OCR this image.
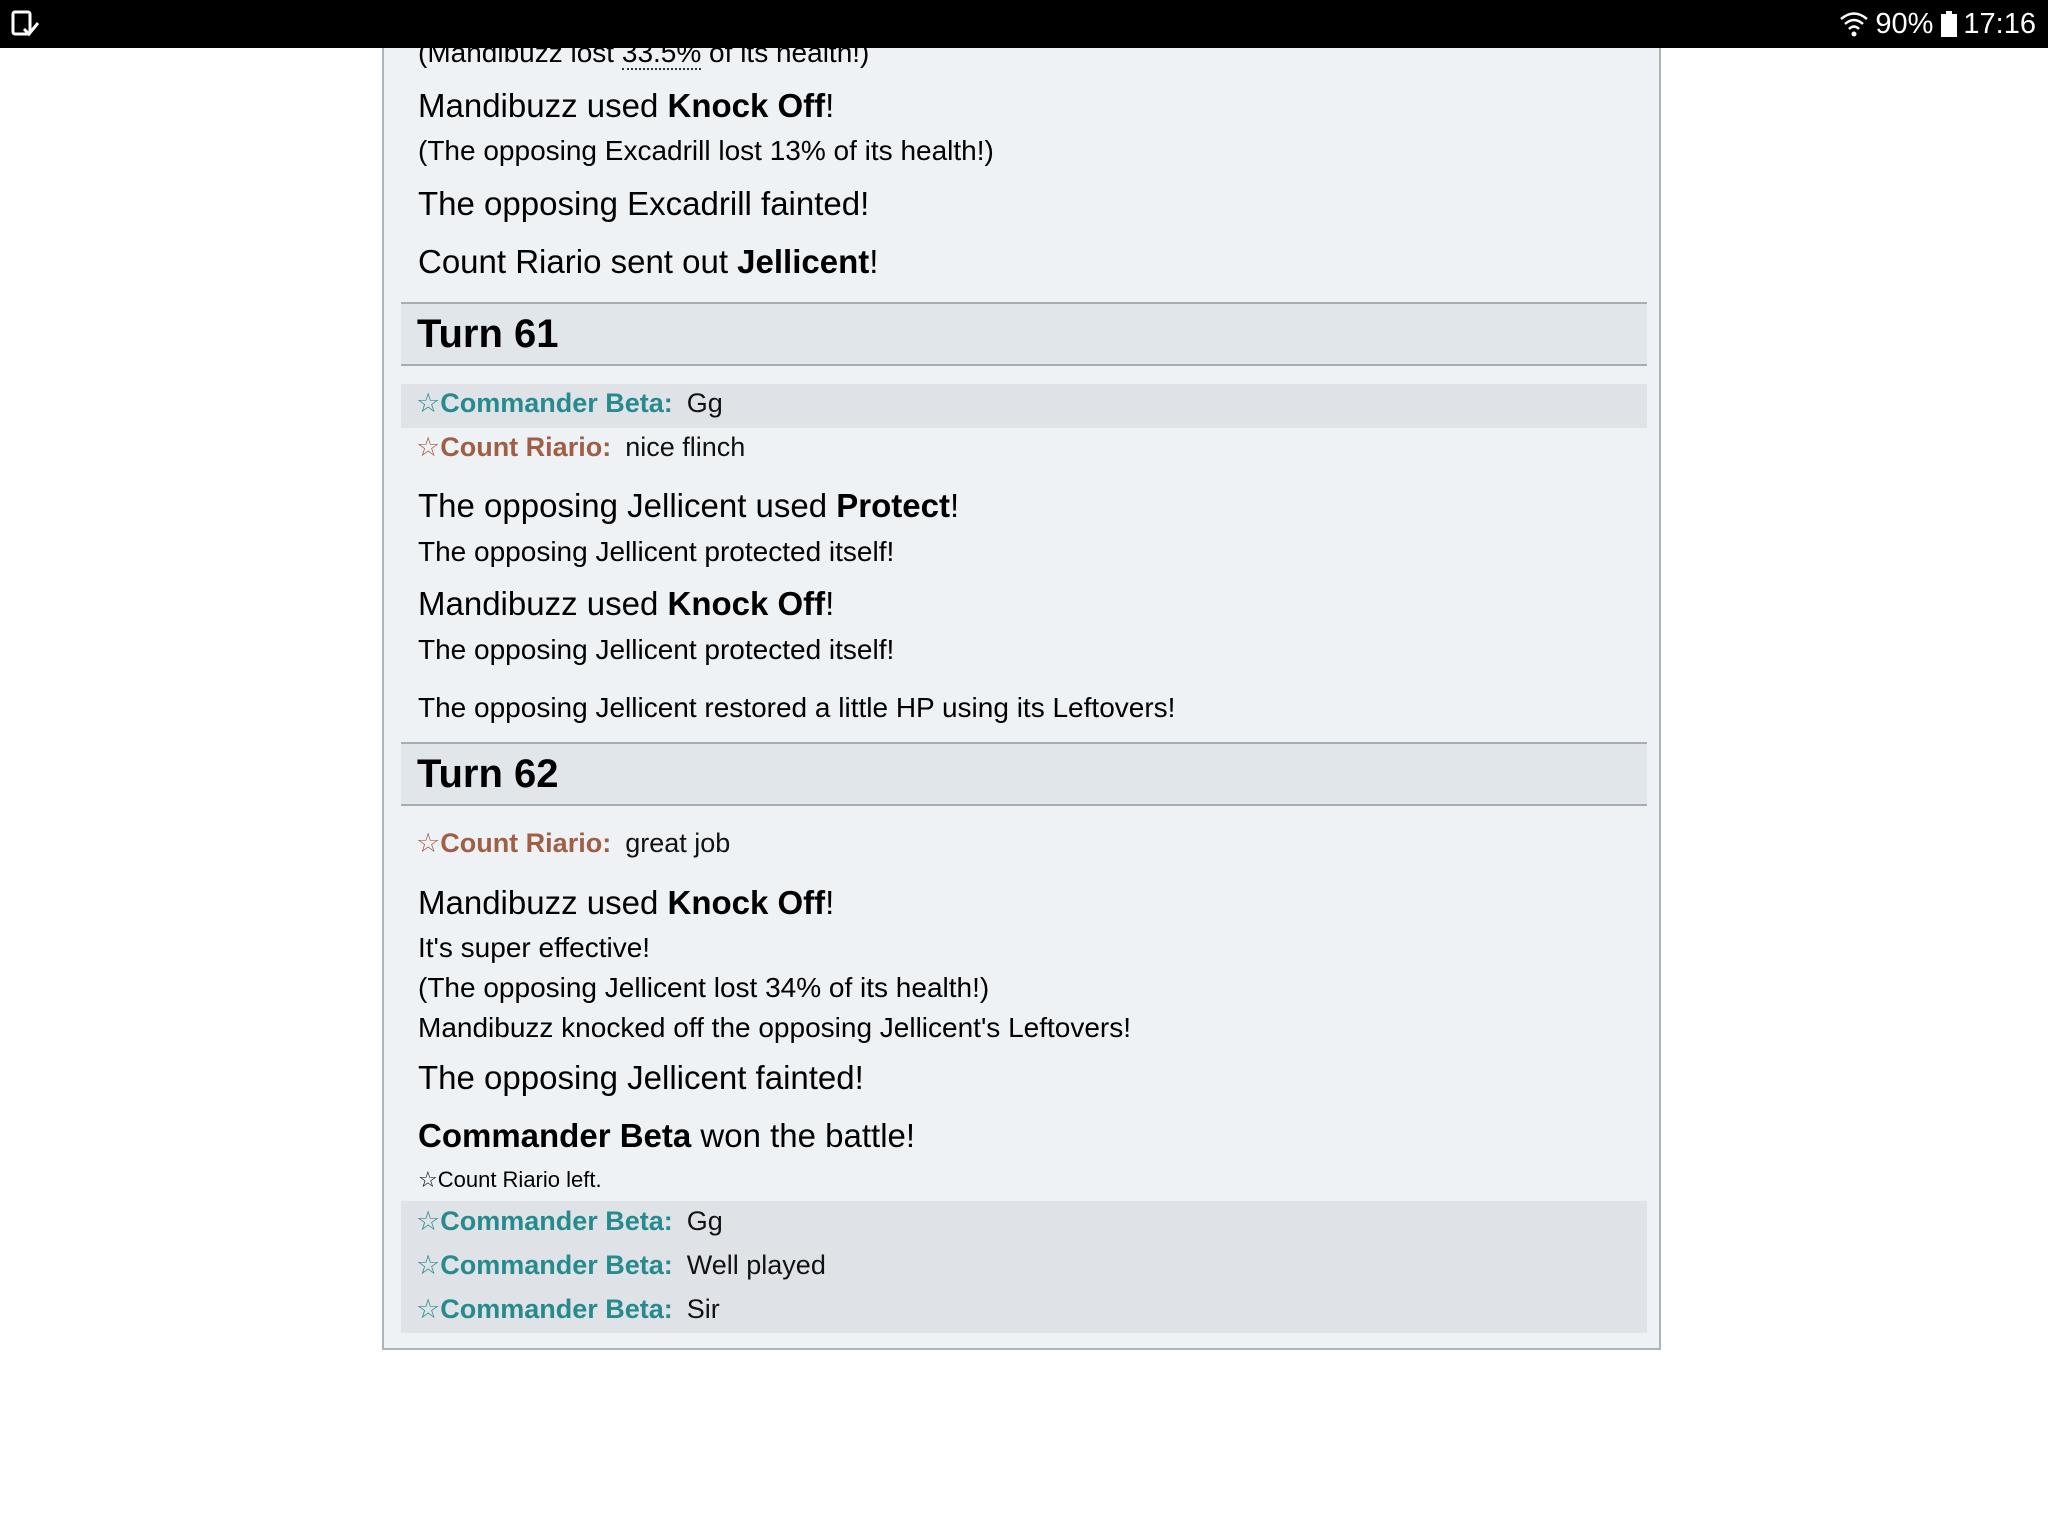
90% 17:16
(Mandibuzz lost 33.5% of its health!)
Mandibuzz used Knock Off!
(The opposing Excadrill lost 13% of its health!)
The opposing Excadrill fainted!
Count Riario sent out Jellicent!
Turn 61
☆Commander Beta: Gg
☆Count Riario: nice flinch
The opposing Jellicent used Protect!
The opposing Jellicent protected itself!
Mandibuzz used Knock Off!
The opposing Jellicent protected itself!
The opposing Jellicent restored a little HP using its Leftovers!
Turn 62
☆Count Riario: great job
Mandibuzz used Knock Off!
It's super effective!
(The opposing Jellicent lost 34% of its health!)
Mandibuzz knocked off the opposing Jellicent's Leftovers!
The opposing Jellicent fainted!
Commander Beta won the battle!
☆Count Riario left.
☆Commander Beta: Gg
☆Commander Beta: Well played
☆Commander Beta: Sir
